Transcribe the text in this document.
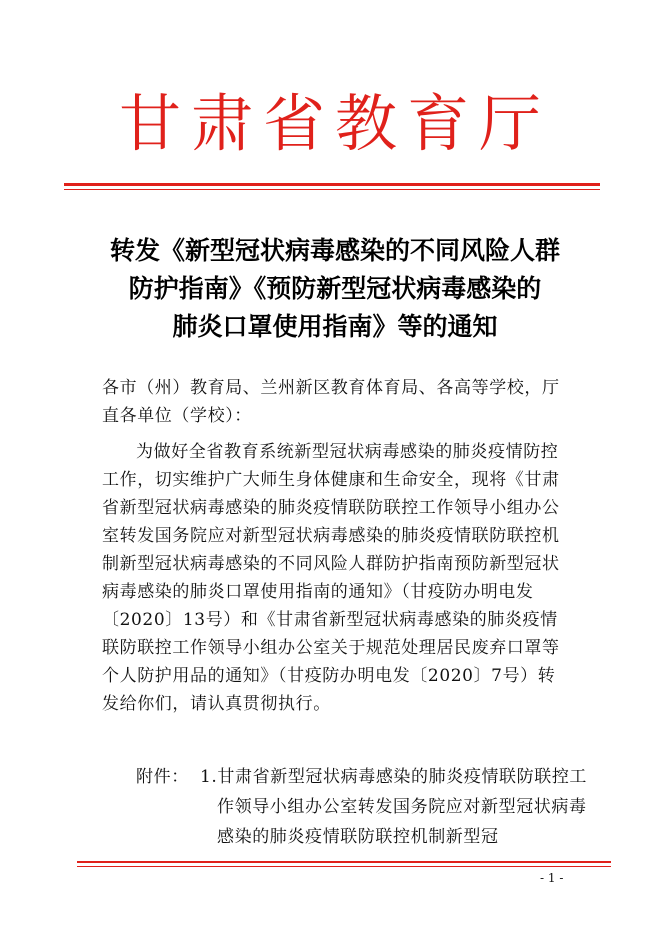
甘肃省教育厅
转发《新型冠状病毒感染的不同风险人群
防护指南》《预防新型冠状病毒感染的
肺炎口罩使用指南》等的通知
各市（州）教育局、兰州新区教育体育局、各高等学校，厅直各单位（学校）：
为做好全省教育系统新型冠状病毒感染的肺炎疫情防控工作，切实维护广大师生身体健康和生命安全，现将《甘肃省新型冠状病毒感染的肺炎疫情联防联控工作领导小组办公室转发国务院应对新型冠状病毒感染的肺炎疫情联防联控机制新型冠状病毒感染的不同风险人群防护指南预防新型冠状病毒感染的肺炎口罩使用指南的通知》（甘疫防办明电发〔2020〕13号）和《甘肃省新型冠状病毒感染的肺炎疫情联防联控工作领导小组办公室关于规范处理居民废弃口罩等个人防护用品的通知》（甘疫防办明电发〔2020〕7号）转发给你们，请认真贯彻执行。
附件： 1.甘肃省新型冠状病毒感染的肺炎疫情联防联控工作领导小组办公室转发国务院应对新型冠状病毒感染的肺炎疫情联防联控机制新型冠
- 1 -
